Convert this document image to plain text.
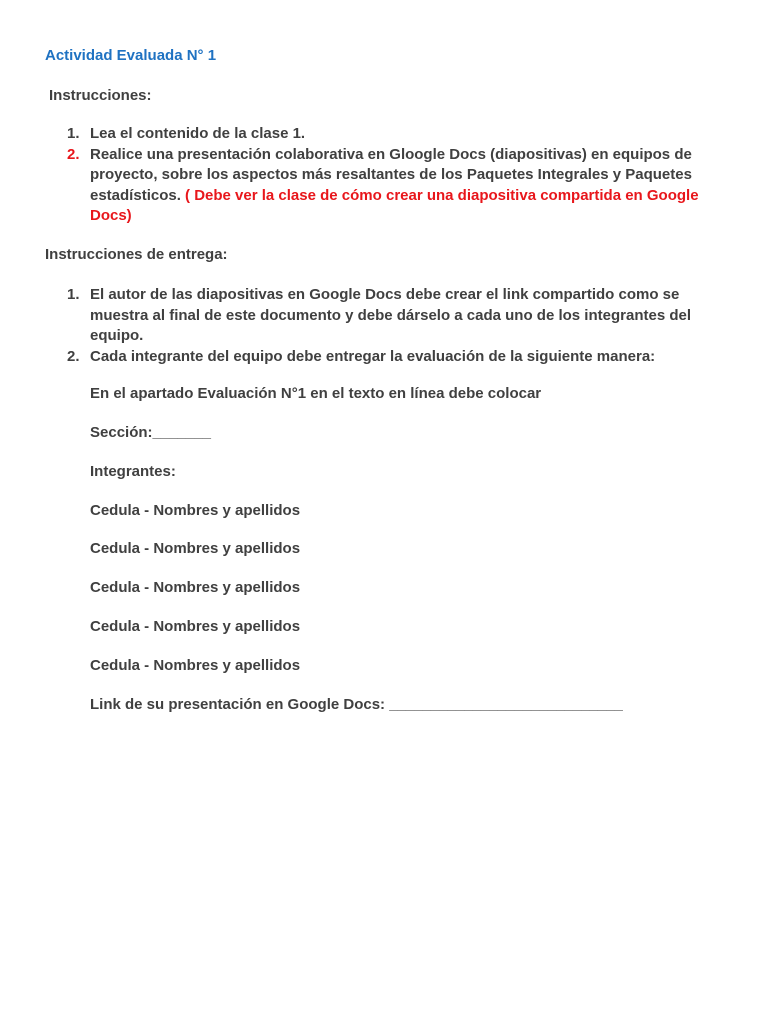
Actividad Evaluada N° 1
Instrucciones:
1. Lea el contenido de la clase 1.
2. Realice una presentación colaborativa en Gloogle Docs (diapositivas) en equipos de proyecto, sobre los aspectos más resaltantes de los Paquetes Integrales y Paquetes estadísticos. ( Debe ver la clase de cómo crear una diapositiva compartida en Google Docs)
Instrucciones de entrega:
1. El autor de las diapositivas en Google Docs debe crear el link compartido como se muestra al final de este documento y debe dárselo a cada uno de los integrantes del equipo.
2. Cada integrante del equipo debe entregar la evaluación de la siguiente manera:
En el apartado Evaluación N°1 en el texto en línea debe colocar
Sección:_______
Integrantes:
Cedula - Nombres y apellidos
Cedula - Nombres y apellidos
Cedula - Nombres y apellidos
Cedula - Nombres y apellidos
Cedula - Nombres y apellidos
Link de su presentación en Google Docs: ____________________________
